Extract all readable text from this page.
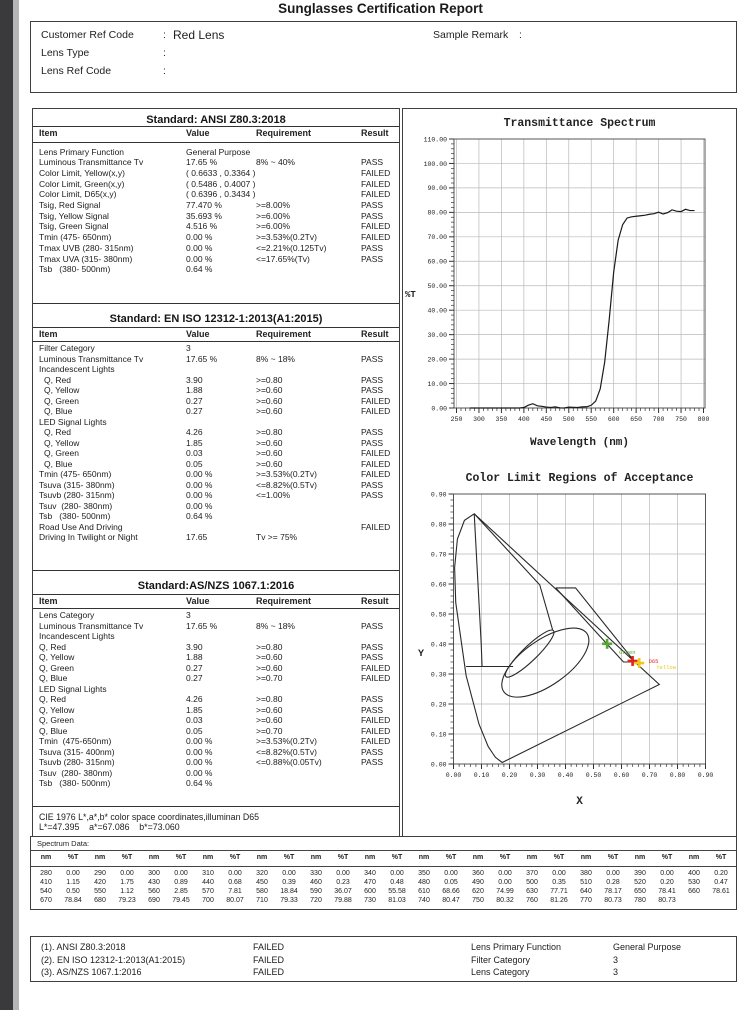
Sunglasses Certification Report
Customer Ref Code	: Red Lens
Lens Type	:
Lens Ref Code	:
Sample Remark :
Standard: ANSI Z80.3:2018
Item	Value	Requirement	Result
Lens Primary Function	General Purpose
Luminous Transmittance Tv	17.65 %	8% ~ 40%	PASS
Color Limit, Yellow(x,y)	( 0.6633 , 0.3364 )	FAILED
Color Limit, Green(x,y)	( 0.5486 , 0.4007 )	FAILED
Color Limit, D65(x,y)	( 0.6396 , 0.3434 )	FAILED
Tsig, Red Signal	77.470 %	>=8.00%	PASS
Tsig, Yellow Signal	35.693 %	>=6.00%	PASS
Tsig, Green Signal	4.516 %	>=6.00%	FAILED
Tmin (475- 650nm)	0.00 %	>=3.53%(0.2Tv)	FAILED
Tmax UVB (280- 315nm)	0.00 %	<=2.21%(0.125Tv)	PASS
Tmax UVA (315- 380nm)	0.00 %	<=17.65%(Tv)	PASS
Tsb   (380- 500nm)	0.64 %
Standard: EN ISO 12312-1:2013(A1:2015)
Item	Value	Requirement	Result
Filter Category	3
Luminous Transmittance Tv	17.65 %	8% ~ 18%	PASS
Incandescent Lights
Q, Red	3.90	>=0.80	PASS
Q, Yellow	1.88	>=0.60	PASS
Q, Green	0.27	>=0.60	FAILED
Q, Blue	0.27	>=0.60	FAILED
LED Signal Lights
Q, Red	4.26	>=0.80	PASS
Q, Yellow	1.85	>=0.60	PASS
Q, Green	0.03	>=0.60	FAILED
Q, Blue	0.05	>=0.60	FAILED
Tmin (475- 650nm)	0.00 %	>=3.53%(0.2Tv)	FAILED
Tsuva (315- 380nm)	0.00 %	<=8.82%(0.5Tv)	PASS
Tsuvb (280- 315nm)	0.00 %	<=1.00%	PASS
Tsuv  (280- 380nm)	0.00 %
Tsb   (380- 500nm)	0.64 %
Road Use And Driving	FAILED
Driving In Twilight or Night	17.65	Tv >= 75%
Standard:AS/NZS 1067.1:2016
Item	Value	Requirement	Result
Lens Category	3
Luminous Transmittance Tv	17.65 %	8% ~ 18%	PASS
Incandescent Lights
Q, Red	3.90	>=0.80	PASS
Q, Yellow	1.88	>=0.60	PASS
Q, Green	0.27	>=0.60	FAILED
Q, Blue	0.27	>=0.70	FAILED
LED Signal Lights
Q, Red	4.26	>=0.80	PASS
Q, Yellow	1.85	>=0.60	PASS
Q, Green	0.03	>=0.60	FAILED
Q, Blue	0.05	>=0.70	FAILED
Tmin  (475-650nm)	0.00 %	>=3.53%(0.2Tv)	FAILED
Tsuva (315- 400nm)	0.00 %	<=8.82%(0.5Tv)	PASS
Tsuvb (280- 315nm)	0.00 %	<=0.88%(0.05Tv)	PASS
Tsuv  (280- 380nm)	0.00 %
Tsb   (380- 500nm)	0.64 %
CIE 1976 L*,a*,b* color space coordinates,illuminan D65
L*=47.395    a*=67.086    b*=73.060
0.00
10.00
20.00
30.00
40.00
50.00
60.00
70.00
80.00
90.00
100.00
110.00
250 300 350 400 450 500 550 600 650 700 750 800
Transmittance Spectrum
Wavelength (nm)
%T
0.00
0.10
0.20
0.30
0.40
0.50
0.60
0.70
0.80
0.90
0.00 0.10 0.20 0.30 0.40 0.50 0.60 0.70 0.80 0.90
Green
D65
Yellow
Color Limit Regions of Acceptance
X
Y
Spectrum Data:
nm	%T	nm	%T	nm	%T	nm	%T	nm	%T	nm	%T	nm	%T	nm	%T	nm	%T	nm	%T	nm	%T	nm	%T	nm	%T
280	0.00	290	0.00	300	0.00	310	0.00	320	0.00	330	0.00	340	0.00	350	0.00	360	0.00	370	0.00	380	0.00	390	0.00	400	0.20
410	1.15	420	1.75	430	0.89	440	0.68	450	0.39	460	0.23	470	0.48	480	0.05	490	0.00	500	0.35	510	0.28	520	0.20	530	0.47
540	0.50	550	1.12	560	2.85	570	7.81	580	18.84	590	36.07	600	55.58	610	68.66	620	74.99	630	77.71	640	78.17	650	78.41	660	78.61
670	78.84	680	79.23	690	79.45	700	80.07	710	79.33	720	79.88	730	81.03	740	80.47	750	80.32	760	81.26	770	80.73	780	80.73
(1). ANSI Z80.3:2018	FAILED	Lens Primary Function	General Purpose
(2). EN ISO 12312-1:2013(A1:2015)	FAILED	Filter Category	3
(3). AS/NZS 1067.1:2016	FAILED	Lens Category	3
